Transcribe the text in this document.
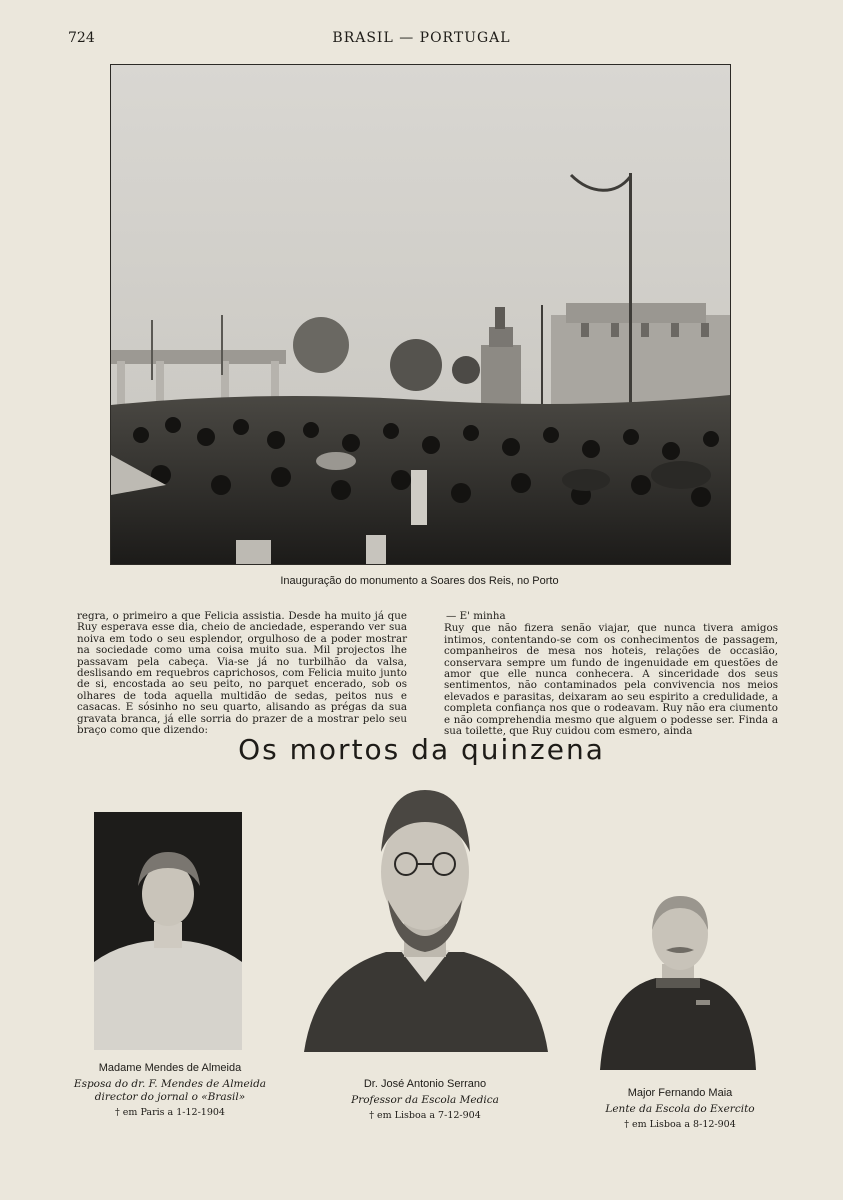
724	BRASIL — PORTUGAL
Inauguração do monumento a Soares dos Reis, no Porto

regra, o primeiro a que Felicia assistia. Desde ha muito já que Ruy esperava esse dia, cheio de anciedade, esperando ver sua noiva em todo o seu esplendor, orgulhoso de a poder mostrar na sociedade como uma coisa muito sua. Mil projectos lhe passavam pela cabeça. Via-se já no turbilhão da valsa, deslisando em requebros caprichosos, com Felicia muito junto de si, encostada ao seu peito, no parquet encerado, sob os olhares de toda aquella multidão de sedas, peitos nus e casacas. E sósinho no seu quarto, alisando as prégas da sua gravata branca, já elle sorria do prazer de a mostrar pelo seu braço como que dizendo:

— E' minha

Ruy que não fizera senão viajar, que nunca tivera amigos intimos, contentando-se com os conhecimentos de passagem, companheiros de mesa nos hoteis, relações de occasião, conservara sempre um fundo de ingenuidade em questões de amor que elle nunca conhecera. A sinceridade dos seus sentimentos, não contaminados pela convivencia nos meios elevados e parasitas, deixaram ao seu espirito a credulidade, a completa confiança nos que o rodeavam. Ruy não era ciumento e não comprehendia mesmo que alguem o podesse ser. Finda a sua toilette, que Ruy cuidou com esmero, ainda

Os mortos da quinzena
Madame Mendes de Almeida
Esposa do dr. F. Mendes de Almeida
director do jornal o «Brasil»
† em Paris a 1-12-1904
Dr. José Antonio Serrano
Professor da Escola Medica
† em Lisboa a 7-12-904
Major Fernando Maia
Lente da Escola do Exercito
† em Lisboa a 8-12-904
